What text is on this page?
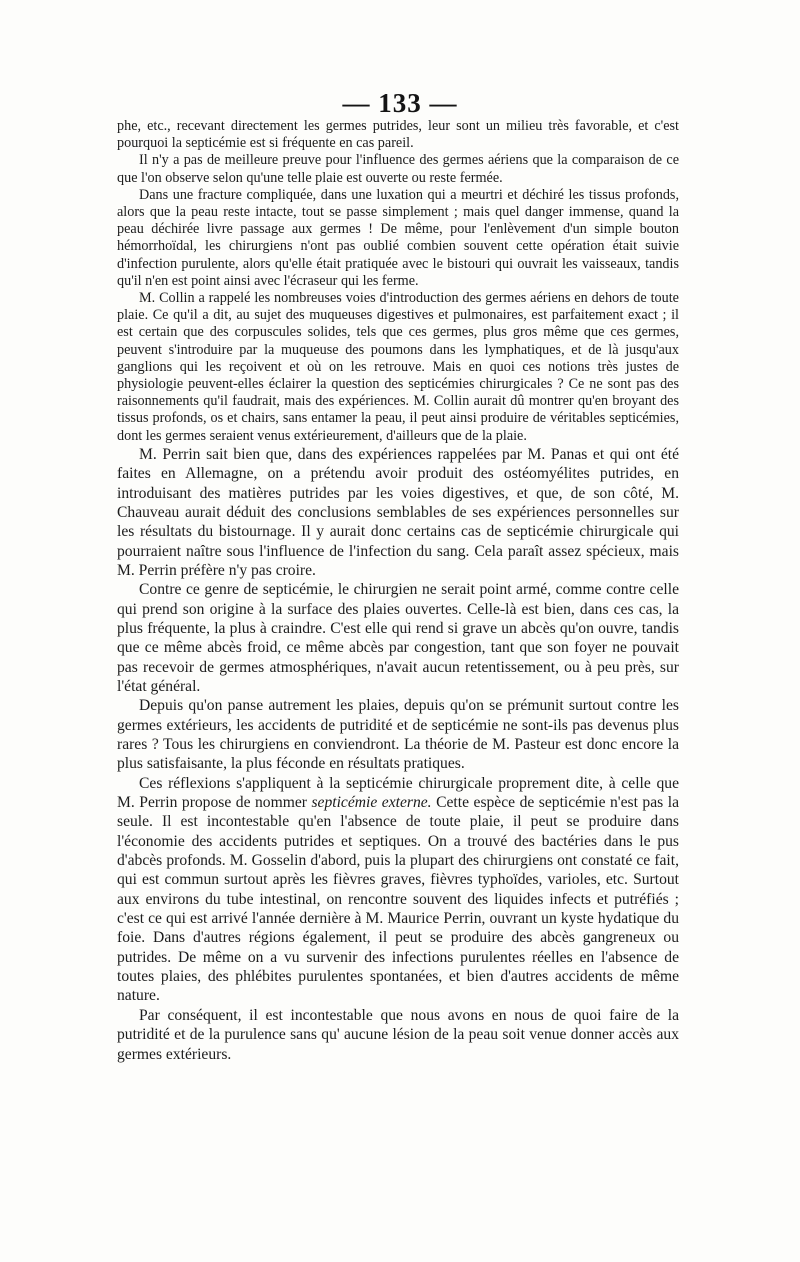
— 133 —

phe, etc., recevant directement les germes putrides, leur sont un milieu très favorable, et c'est pourquoi la septicémie est si fréquente en cas pareil.

Il n'y a pas de meilleure preuve pour l'influence des germes aériens que la comparaison de ce que l'on observe selon qu'une telle plaie est ouverte ou reste fermée.

Dans une fracture compliquée, dans une luxation qui a meurtri et déchiré les tissus profonds, alors que la peau reste intacte, tout se passe simplement ; mais quel danger immense, quand la peau déchirée livre passage aux germes ! De même, pour l'enlèvement d'un simple bouton hémorrhoïdal, les chirurgiens n'ont pas oublié combien souvent cette opération était suivie d'infection purulente, alors qu'elle était pratiquée avec le bistouri qui ouvrait les vaisseaux, tandis qu'il n'en est point ainsi avec l'écraseur qui les ferme.

M. Collin a rappelé les nombreuses voies d'introduction des germes aériens en dehors de toute plaie. Ce qu'il a dit, au sujet des muqueuses digestives et pulmonaires, est parfaitement exact ; il est certain que des corpuscules solides, tels que ces germes, plus gros même que ces germes, peuvent s'introduire par la muqueuse des poumons dans les lymphatiques, et de là jusqu'aux ganglions qui les reçoivent et où on les retrouve. Mais en quoi ces notions très justes de physiologie peuvent-elles éclairer la question des septicémies chirurgicales ? Ce ne sont pas des raisonnements qu'il faudrait, mais des expériences. M. Collin aurait dû montrer qu'en broyant des tissus profonds, os et chairs, sans entamer la peau, il peut ainsi produire de véritables septicémies, dont les germes seraient venus extérieurement, d'ailleurs que de la plaie.

M. Perrin sait bien que, dans des expériences rappelées par M. Panas et qui ont été faites en Allemagne, on a prétendu avoir produit des ostéomyélites putrides, en introduisant des matières putrides par les voies digestives, et que, de son côté, M. Chauveau aurait déduit des conclusions semblables de ses expériences personnelles sur les résultats du bistournage. Il y aurait donc certains cas de septicémie chirurgicale qui pourraient naître sous l'influence de l'infection du sang. Cela paraît assez spécieux, mais M. Perrin préfère n'y pas croire.

Contre ce genre de septicémie, le chirurgien ne serait point armé, comme contre celle qui prend son origine à la surface des plaies ouvertes. Celle-là est bien, dans ces cas, la plus fréquente, la plus à craindre. C'est elle qui rend si grave un abcès qu'on ouvre, tandis que ce même abcès froid, ce même abcès par congestion, tant que son foyer ne pouvait pas recevoir de germes atmosphériques, n'avait aucun retentissement, ou à peu près, sur l'état général.

Depuis qu'on panse autrement les plaies, depuis qu'on se prémunit surtout contre les germes extérieurs, les accidents de putridité et de septicémie ne sont-ils pas devenus plus rares ? Tous les chirurgiens en conviendront. La théorie de M. Pasteur est donc encore la plus satisfaisante, la plus féconde en résultats pratiques.

Ces réflexions s'appliquent à la septicémie chirurgicale proprement dite, à celle que M. Perrin propose de nommer septicémie externe. Cette espèce de septicémie n'est pas la seule. Il est incontestable qu'en l'absence de toute plaie, il peut se produire dans l'économie des accidents putrides et septiques. On a trouvé des bactéries dans le pus d'abcès profonds. M. Gosselin d'abord, puis la plupart des chirurgiens ont constaté ce fait, qui est commun surtout après les fièvres graves, fièvres typhoïdes, varioles, etc. Surtout aux environs du tube intestinal, on rencontre souvent des liquides infects et putréfiés ; c'est ce qui est arrivé l'année dernière à M. Maurice Perrin, ouvrant un kyste hydatique du foie. Dans d'autres régions également, il peut se produire des abcès gangreneux ou putrides. De même on a vu survenir des infections purulentes réelles en l'absence de toutes plaies, des phlébites purulentes spontanées, et bien d'autres accidents de même nature.

Par conséquent, il est incontestable que nous avons en nous de quoi faire de la putridité et de la purulence sans qu' aucune lésion de la peau soit venue donner accès aux germes extérieurs.
